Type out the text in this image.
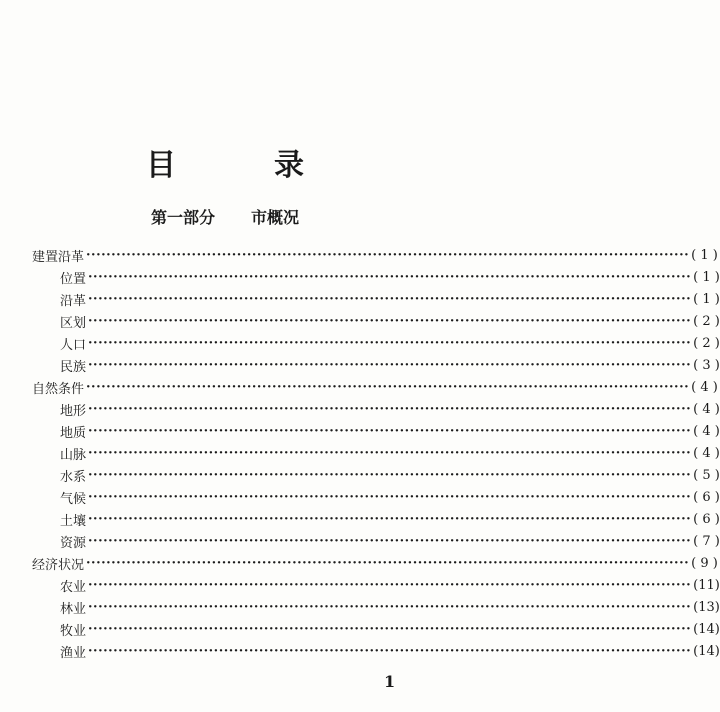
目　录
第一部分 市概况
建置沿革 ························································································································ ( 1 )
位置 ························································································································ ( 1 )
沿革 ························································································································ ( 1 )
区划 ························································································································ ( 2 )
人口 ························································································································ ( 2 )
民族 ························································································································ ( 3 )
自然条件 ························································································································ ( 4 )
地形 ························································································································ ( 4 )
地质 ························································································································ ( 4 )
山脉 ························································································································ ( 4 )
水系 ························································································································ ( 5 )
气候 ························································································································ ( 6 )
土壤 ························································································································ ( 6 )
资源 ························································································································ ( 7 )
经济状况 ························································································································ ( 9 )
农业 ························································································································ (11)
林业 ························································································································ (13)
牧业 ························································································································ (14)
渔业 ························································································································ (14)
1
